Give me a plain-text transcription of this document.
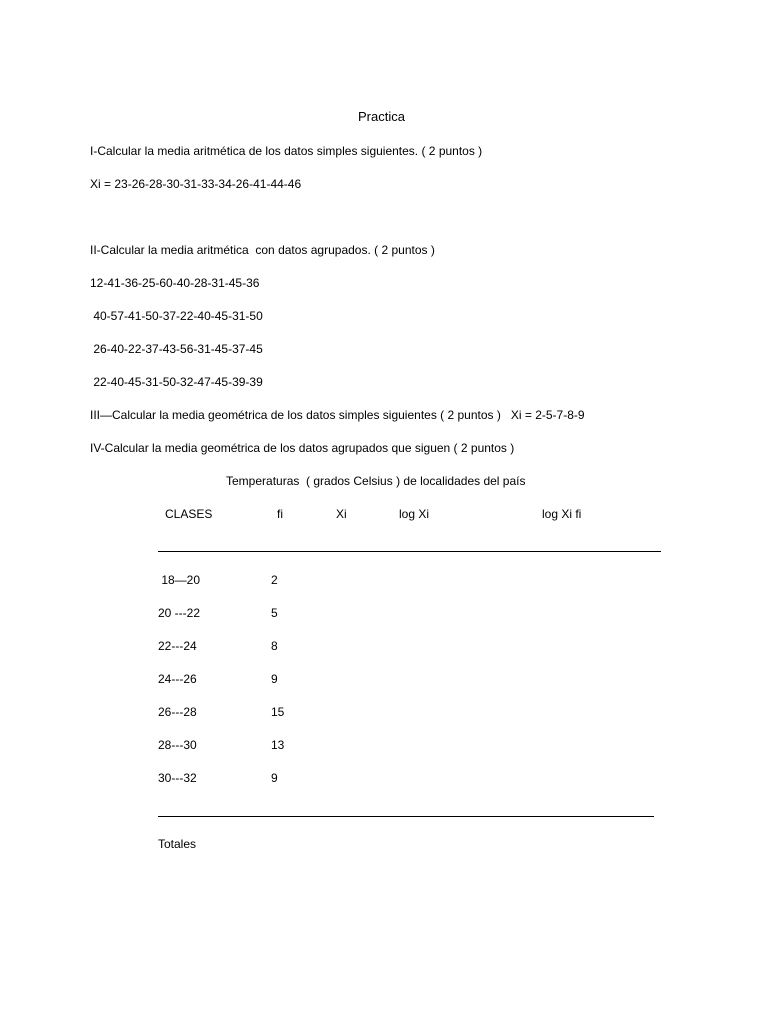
Practica
I-Calcular la media aritmética de los datos simples siguientes. ( 2 puntos )
Xi = 23-26-28-30-31-33-34-26-41-44-46
II-Calcular la media aritmética  con datos agrupados. ( 2 puntos )
12-41-36-25-60-40-28-31-45-36
40-57-41-50-37-22-40-45-31-50
26-40-22-37-43-56-31-45-37-45
22-40-45-31-50-32-47-45-39-39
III—Calcular la media geométrica de los datos simples siguientes ( 2 puntos )   Xi = 2-5-7-8-9
IV-Calcular la media geométrica de los datos agrupados que siguen ( 2 puntos )
Temperaturas  ( grados Celsius ) de localidades del país
CLASES	fi	Xi	log Xi	log Xi fi
18—20	2
20 ---22	5
22---24	8
24---26	9
26---28	15
28---30	13
30---32	9
Totales
